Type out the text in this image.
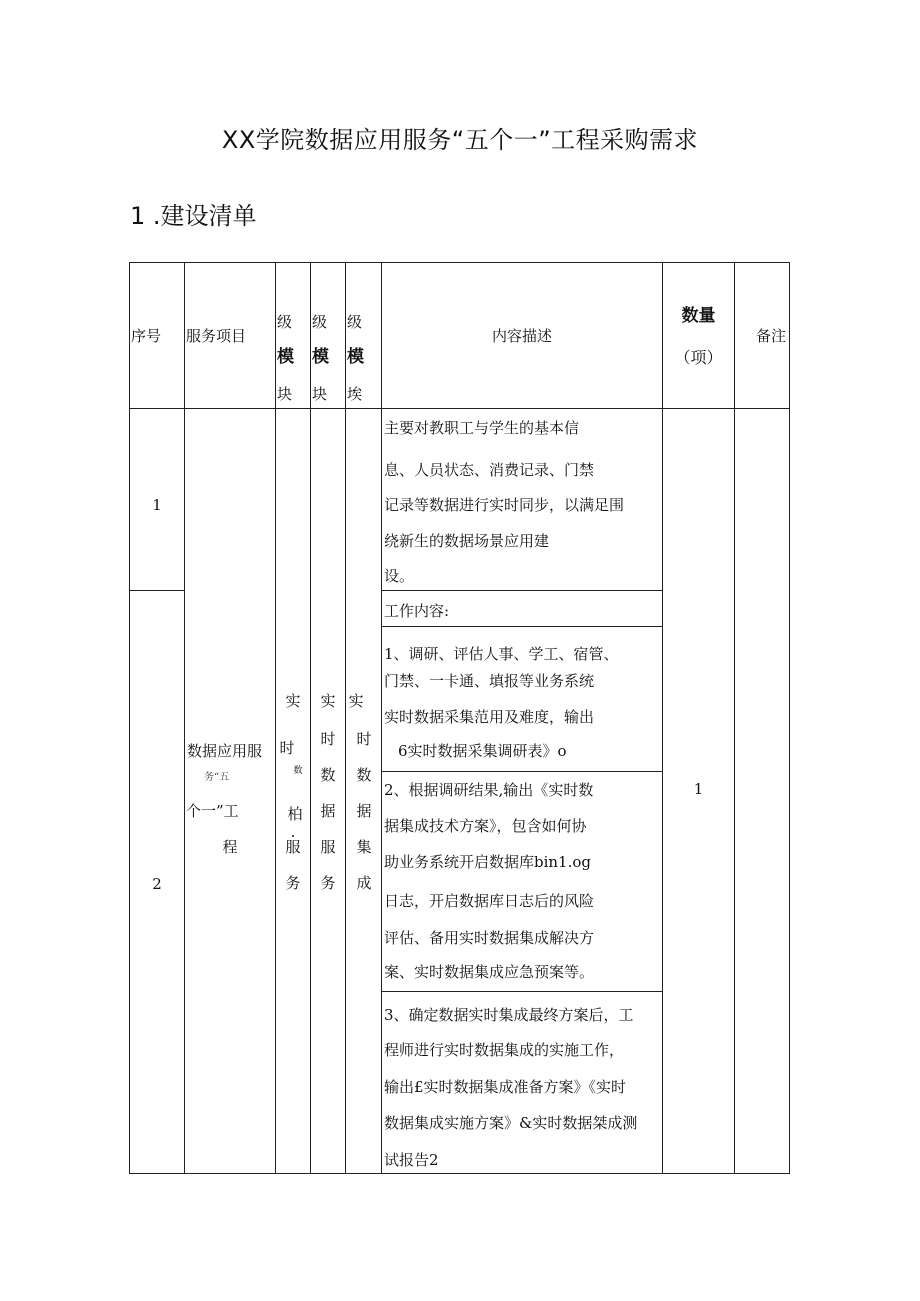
XX学院数据应用服务“五个一”工程采购需求
1 .建设清单
序号 服务项目
级
模
块
级
模
块
级
模
埃
内容描述
数量
（项）
备注
1
主要对教职工与学生的基本信
息、人员状态、消费记录、门禁
记录等数据进行实时同步，以满足围
绕新生的数据场景应用建
设。
2
工作内容:
1、调研、评估人事、学工、宿管、
门禁、一卡通、填报等业务系统
实时数据采集范用及难度，输出
6实时数据采集调研表》o
2、根据调研结果,输出《实时数
据集成技术方案》，包含如何协
助业务系统开启数据库bin1.og
日志，开启数据库日志后的风险
评估、备用实时数据集成解决方
案、实时数据集成应急预案等。
3、确定数据实时集成最终方案后，工
程师进行实时数据集成的实施工作，
输出£实时数据集成准备方案》《实时
数据集成实施方案》&实时数据桀成测
试报告2
数据应用服
务“五
个一”工
程
实
时
数
柏
.
服
务
实
时
数
据
服
务
实
时
数
据
集
成
1
